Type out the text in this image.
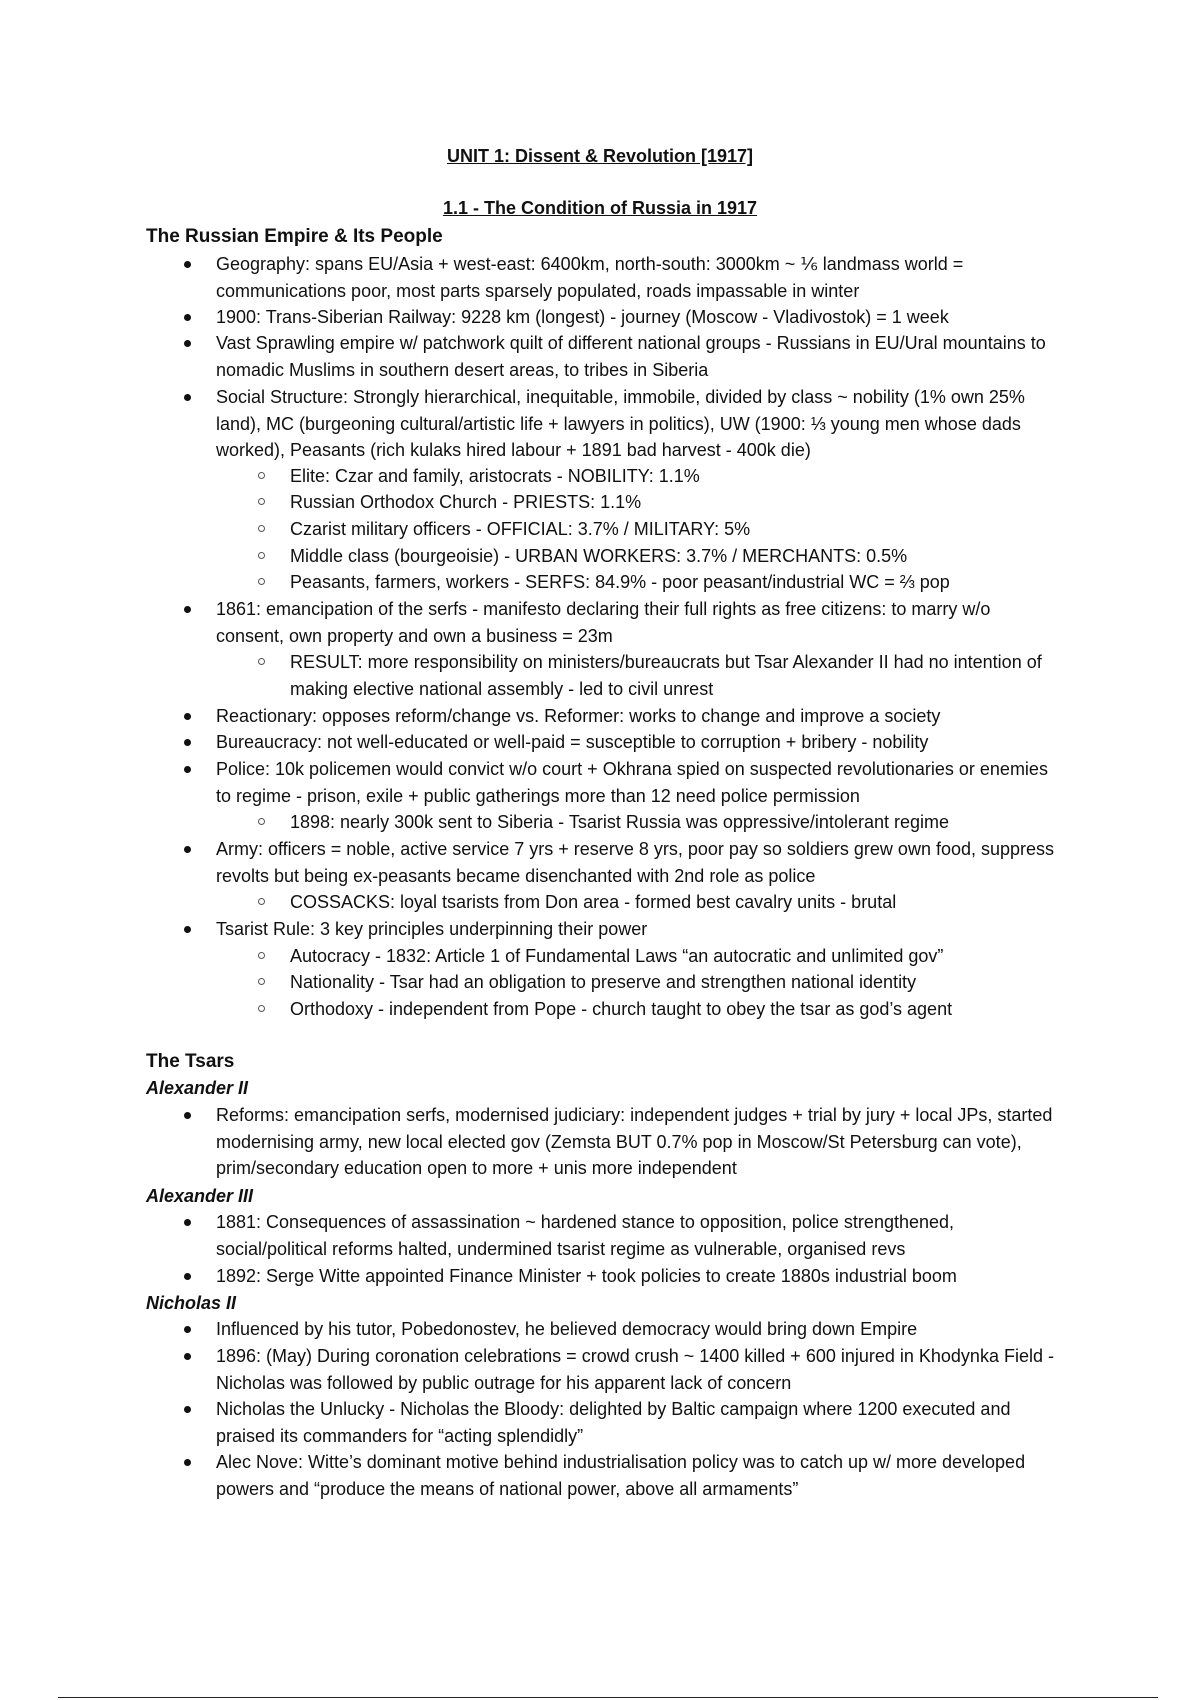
UNIT 1: Dissent & Revolution [1917]
1.1 - The Condition of Russia in 1917
The Russian Empire & Its People
Geography: spans EU/Asia + west-east: 6400km, north-south: 3000km ~ ⅙ landmass world = communications poor, most parts sparsely populated, roads impassable in winter
1900: Trans-Siberian Railway: 9228 km (longest) - journey (Moscow - Vladivostok) = 1 week
Vast Sprawling empire w/ patchwork quilt of different national groups - Russians in EU/Ural mountains to nomadic Muslims in southern desert areas, to tribes in Siberia
Social Structure: Strongly hierarchical, inequitable, immobile, divided by class ~ nobility (1% own 25% land), MC (burgeoning cultural/artistic life + lawyers in politics), UW (1900: ⅓ young men whose dads worked), Peasants (rich kulaks hired labour + 1891 bad harvest - 400k die)
Elite: Czar and family, aristocrats - NOBILITY: 1.1%
Russian Orthodox Church - PRIESTS: 1.1%
Czarist military officers - OFFICIAL: 3.7% / MILITARY: 5%
Middle class (bourgeoisie) - URBAN WORKERS: 3.7% / MERCHANTS: 0.5%
Peasants, farmers, workers - SERFS: 84.9% - poor peasant/industrial WC = ⅔ pop
1861: emancipation of the serfs - manifesto declaring their full rights as free citizens: to marry w/o consent, own property and own a business = 23m
RESULT: more responsibility on ministers/bureaucrats but Tsar Alexander II had no intention of making elective national assembly - led to civil unrest
Reactionary: opposes reform/change vs. Reformer: works to change and improve a society
Bureaucracy: not well-educated or well-paid = susceptible to corruption + bribery - nobility
Police: 10k policemen would convict w/o court + Okhrana spied on suspected revolutionaries or enemies to regime - prison, exile + public gatherings more than 12 need police permission
1898: nearly 300k sent to Siberia - Tsarist Russia was oppressive/intolerant regime
Army: officers = noble, active service 7 yrs + reserve 8 yrs, poor pay so soldiers grew own food, suppress revolts but being ex-peasants became disenchanted with 2nd role as police
COSSACKS: loyal tsarists from Don area - formed best cavalry units - brutal
Tsarist Rule: 3 key principles underpinning their power
Autocracy - 1832: Article 1 of Fundamental Laws “an autocratic and unlimited gov”
Nationality - Tsar had an obligation to preserve and strengthen national identity
Orthodoxy - independent from Pope - church taught to obey the tsar as god’s agent
The Tsars
Alexander II
Reforms: emancipation serfs, modernised judiciary: independent judges + trial by jury + local JPs, started modernising army, new local elected gov (Zemsta BUT 0.7% pop in Moscow/St Petersburg can vote), prim/secondary education open to more + unis more independent
Alexander III
1881: Consequences of assassination ~ hardened stance to opposition, police strengthened, social/political reforms halted, undermined tsarist regime as vulnerable, organised revs
1892: Serge Witte appointed Finance Minister + took policies to create 1880s industrial boom
Nicholas II
Influenced by his tutor, Pobedonostev, he believed democracy would bring down Empire
1896: (May) During coronation celebrations = crowd crush ~ 1400 killed + 600 injured in Khodynka Field - Nicholas was followed by public outrage for his apparent lack of concern
Nicholas the Unlucky - Nicholas the Bloody: delighted by Baltic campaign where 1200 executed and praised its commanders for “acting splendidly”
Alec Nove: Witte’s dominant motive behind industrialisation policy was to catch up w/ more developed powers and “produce the means of national power, above all armaments”
